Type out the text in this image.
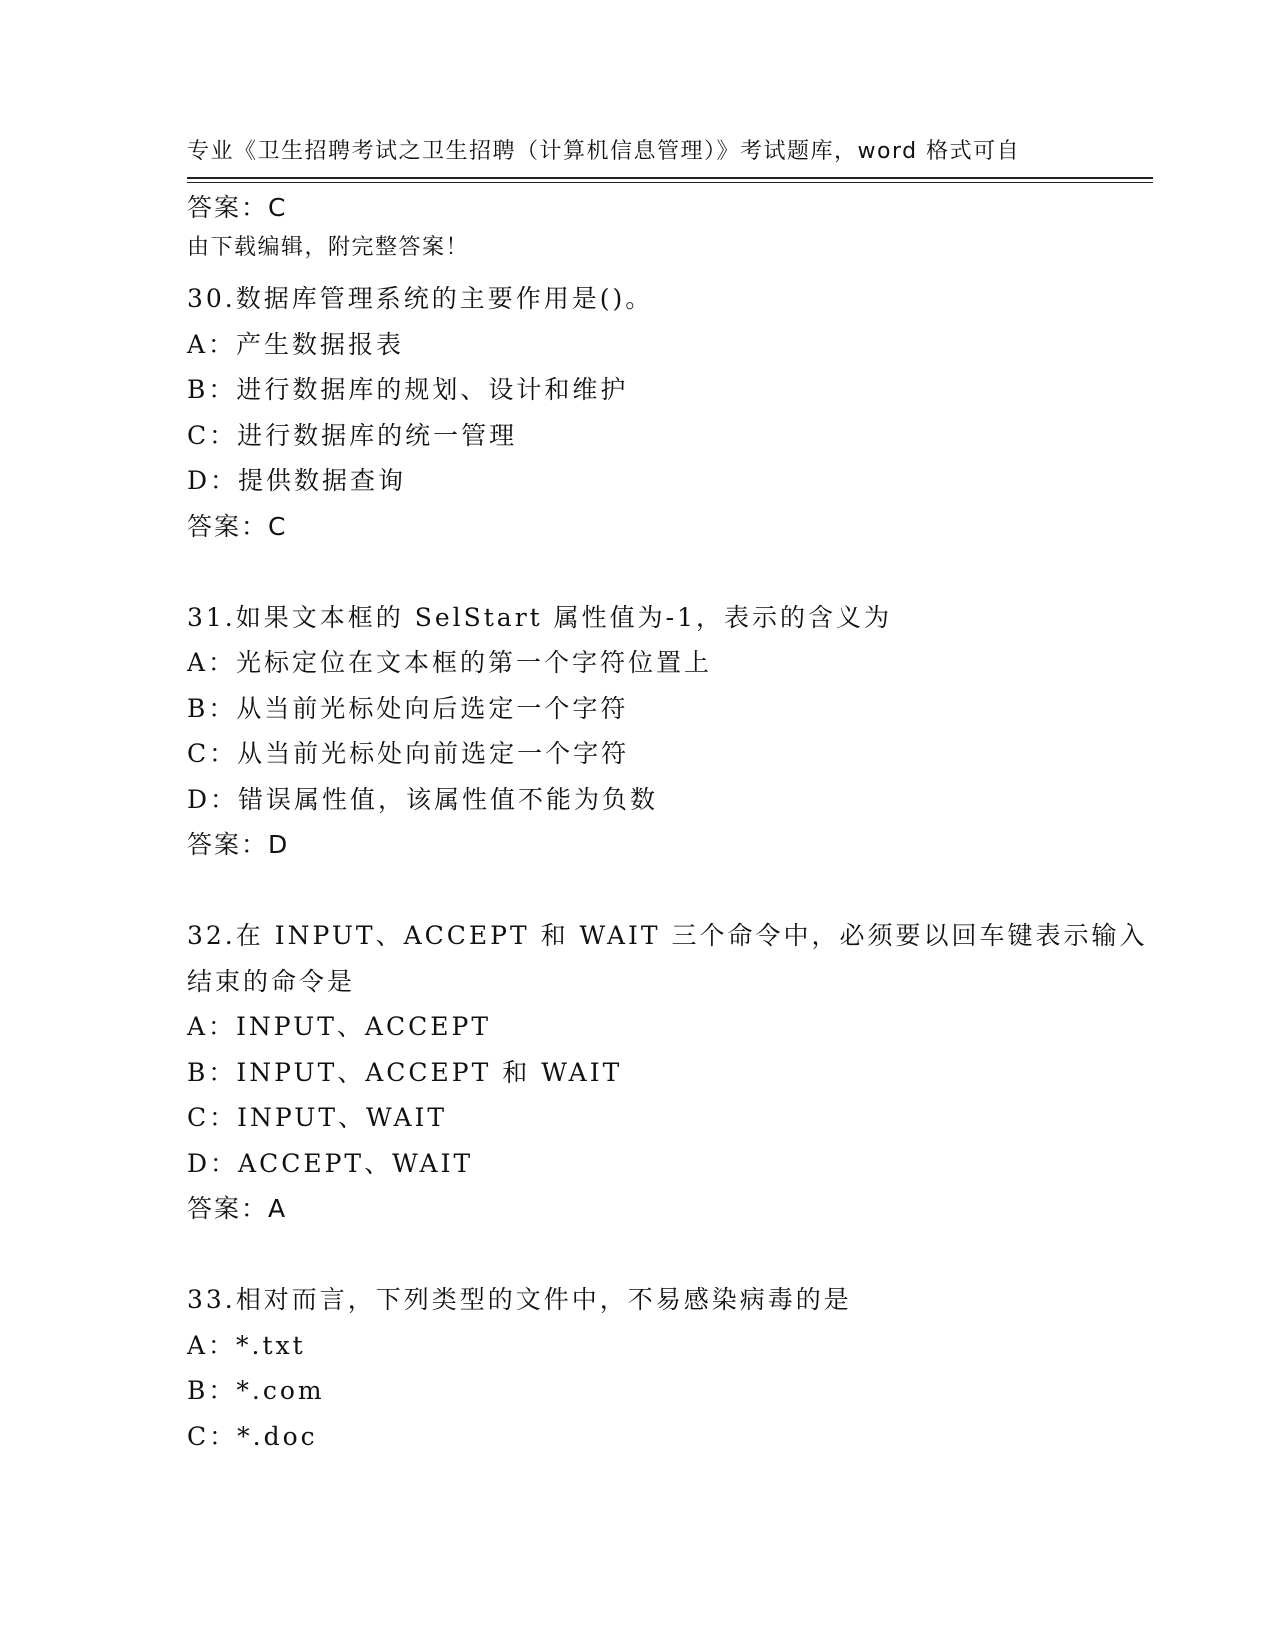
专业《卫生招聘考试之卫生招聘（计算机信息管理）》考试题库，word 格式可自

由下载编辑，附完整答案！

答案：C
30.数据库管理系统的主要作用是()。
A：产生数据报表
B：进行数据库的规划、设计和维护
C：进行数据库的统一管理
D：提供数据查询
答案：C
31.如果文本框的 SelStart 属性值为-1，表示的含义为
A：光标定位在文本框的第一个字符位置上
B：从当前光标处向后选定一个字符
C：从当前光标处向前选定一个字符
D：错误属性值，该属性值不能为负数
答案：D
32.在 INPUT、ACCEPT 和 WAIT 三个命令中，必须要以回车键表示输入
结束的命令是
A：INPUT、ACCEPT
B：INPUT、ACCEPT 和 WAIT
C：INPUT、WAIT
D：ACCEPT、WAIT
答案：A
33.相对而言，下列类型的文件中，不易感染病毒的是
A：*.txt
B：*.com
C：*.doc
